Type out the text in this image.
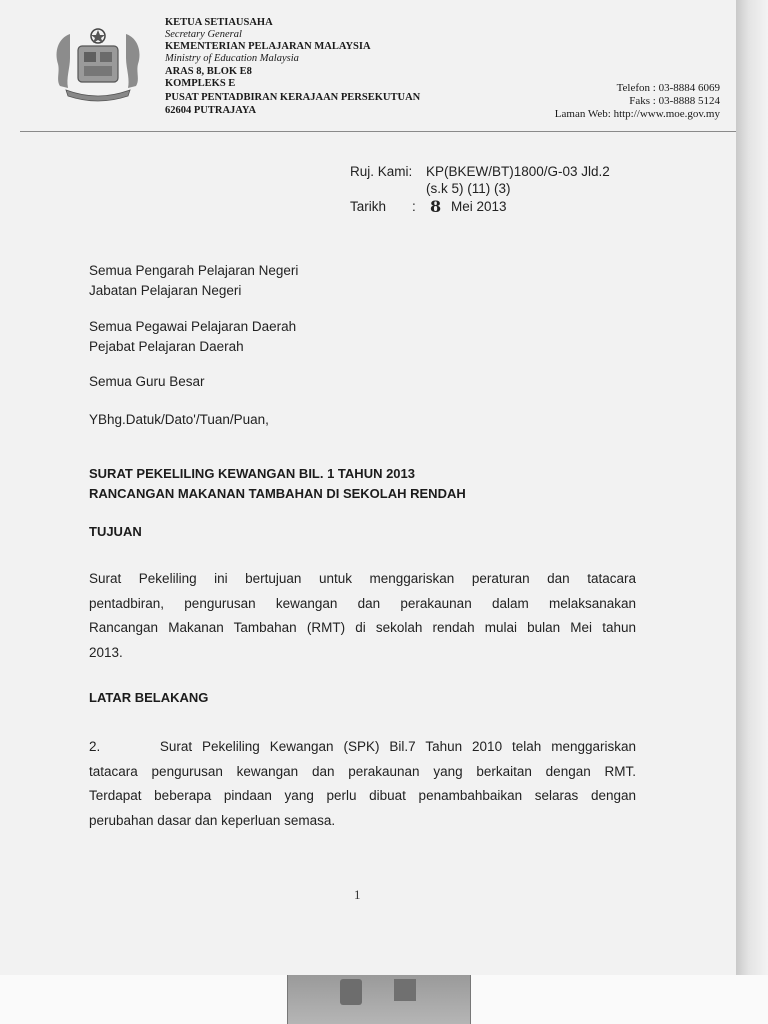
KETUA SETIAUSAHA
Secretary General
KEMENTERIAN PELAJARAN MALAYSIA
Ministry of Education Malaysia
ARAS 8, BLOK E8
KOMPLEKS E
PUSAT PENTADBIRAN KERAJAAN PERSEKUTUAN
62604 PUTRAJAYA
Telefon : 03-8884 6069
Faks : 03-8888 5124
Laman Web: http://www.moe.gov.my
Ruj. Kami: KP(BKEW/BT)1800/G-03 Jld.2
(s.k 5) (11) (3)
Tarikh : 8 Mei 2013
Semua Pengarah Pelajaran Negeri
Jabatan Pelajaran Negeri
Semua Pegawai Pelajaran Daerah
Pejabat Pelajaran Daerah
Semua Guru Besar
YBhg.Datuk/Dato'/Tuan/Puan,
SURAT PEKELILING KEWANGAN BIL. 1 TAHUN 2013
RANCANGAN MAKANAN TAMBAHAN DI SEKOLAH RENDAH
TUJUAN
Surat Pekeliling ini bertujuan untuk menggariskan peraturan dan tatacara
pentadbiran, pengurusan kewangan dan perakaunan dalam melaksanakan
Rancangan Makanan Tambahan (RMT) di sekolah rendah mulai bulan Mei tahun
2013.
LATAR BELAKANG
2.      Surat Pekeliling Kewangan (SPK) Bil.7 Tahun 2010 telah menggariskan
tatacara pengurusan kewangan dan perakaunan yang berkaitan dengan RMT.
Terdapat beberapa pindaan yang perlu dibuat penambahbaikan selaras dengan
perubahan dasar dan keperluan semasa.
1
